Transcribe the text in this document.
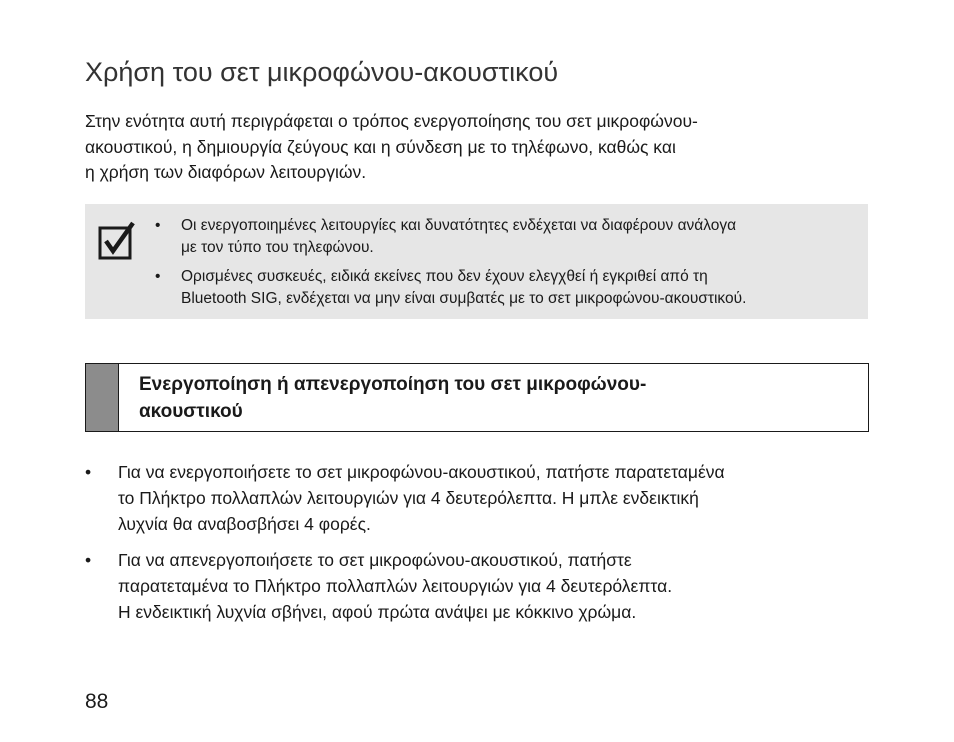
Χρήση του σετ μικροφώνου-ακουστικού

Στην ενότητα αυτή περιγράφεται ο τρόπος ενεργοποίησης του σετ μικροφώνου-
ακουστικού, η δημιουργία ζεύγους και η σύνδεση με το τηλέφωνο, καθώς και
η χρήση των διαφόρων λειτουργιών.

• Οι ενεργοποιημένες λειτουργίες και δυνατότητες ενδέχεται να διαφέρουν ανάλογα
με τον τύπο του τηλεφώνου.
• Ορισμένες συσκευές, ειδικά εκείνες που δεν έχουν ελεγχθεί ή εγκριθεί από τη
Bluetooth SIG, ενδέχεται να μην είναι συμβατές με το σετ μικροφώνου-ακουστικού.
Ενεργοποίηση ή απενεργοποίηση του σετ μικροφώνου-
ακουστικού
• Για να ενεργοποιήσετε το σετ μικροφώνου-ακουστικού, πατήστε παρατεταμένα
το Πλήκτρο πολλαπλών λειτουργιών για 4 δευτερόλεπτα. Η μπλε ενδεικτική
λυχνία θα αναβοσβήσει 4 φορές.
• Για να απενεργοποιήσετε το σετ μικροφώνου-ακουστικού, πατήστε
παρατεταμένα το Πλήκτρο πολλαπλών λειτουργιών για 4 δευτερόλεπτα.
Η ενδεικτική λυχνία σβήνει, αφού πρώτα ανάψει με κόκκινο χρώμα.
88
